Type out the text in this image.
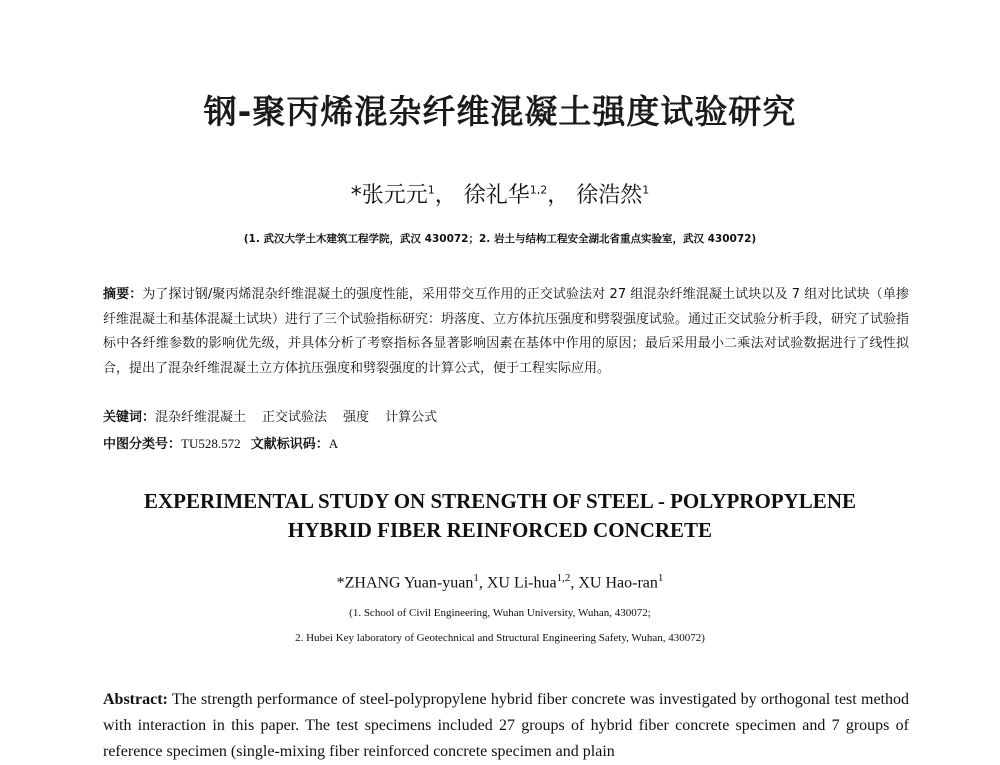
钢-聚丙烯混杂纤维混凝土强度试验研究
*张元元$^1$， 徐礼华$^{1,2}$， 徐浩然$^1$
(1. 武汉大学土木建筑工程学院，武汉 430072；2. 岩土与结构工程安全湖北省重点实验室，武汉 430072)
摘要：为了探讨钢/聚丙烯混杂纤维混凝土的强度性能，采用带交互作用的正交试验法对 27 组混杂纤维混凝土试块以及 7 组对比试块（单掺纤维混凝土和基体混凝土试块）进行了三个试验指标研究：坍落度、立方体抗压强度和劈裂强度试验。通过正交试验分析手段，研究了试验指标中各纤维参数的影响优先级，并具体分析了考察指标各显著影响因素在基体中作用的原因；最后采用最小二乘法对试验数据进行了线性拟合，提出了混杂纤维混凝土立方体抗压强度和劈裂强度的计算公式，便于工程实际应用。
关键词：混杂纤维混凝土 正交试验法 强度 计算公式
中图分类号：TU528.572 文献标识码：A
EXPERIMENTAL STUDY ON STRENGTH OF STEEL - POLYPROPYLENE
HYBRID FIBER REINFORCED CONCRETE
*ZHANG Yuan-yuan$^1$, XU Li-hua$^{1,2}$, XU Hao-ran$^1$
(1. School of Civil Engineering, Wuhan University, Wuhan, 430072;
2. Hubei Key laboratory of Geotechnical and Structural Engineering Safety, Wuhan, 430072)
Abstract: The strength performance of steel-polypropylene hybrid fiber concrete was investigated by orthogonal test method with interaction in this paper. The test specimens included 27 groups of hybrid fiber concrete specimen and 7 groups of reference specimen (single-mixing fiber reinforced concrete specimen and plain
